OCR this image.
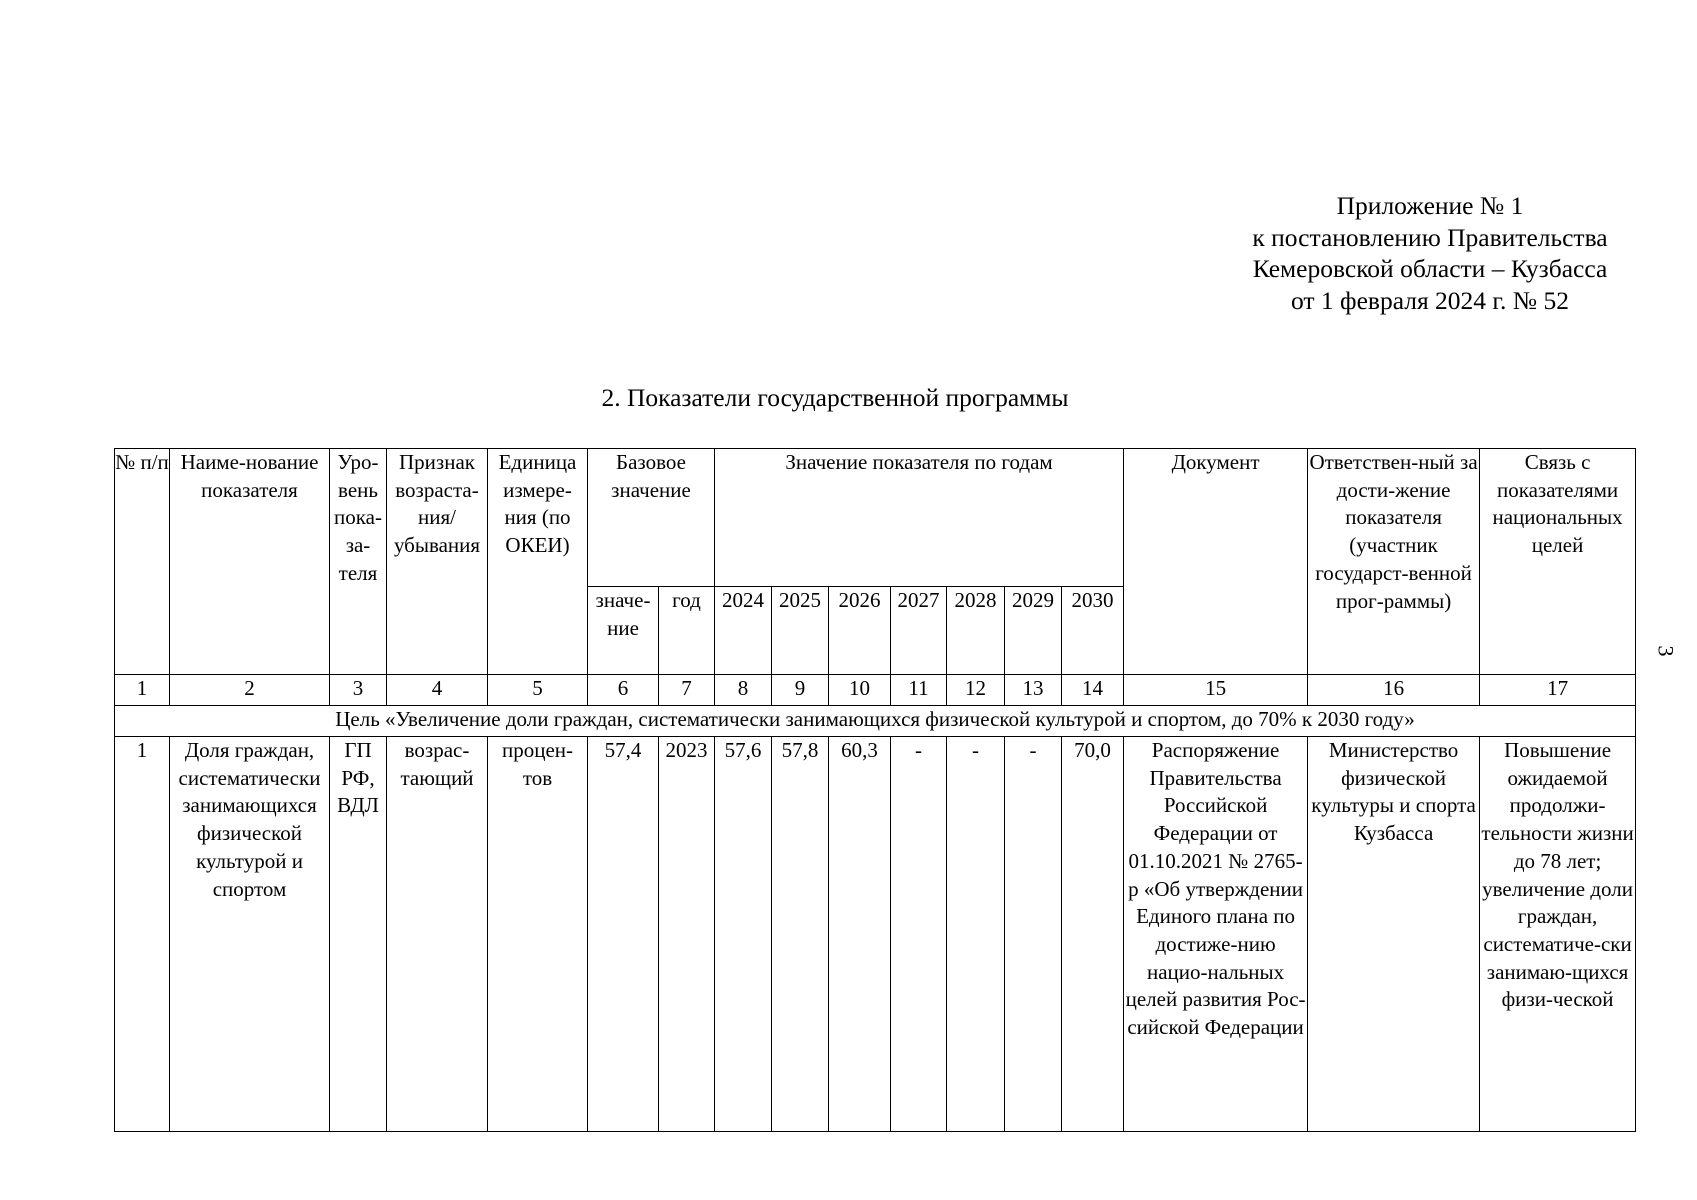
Приложение № 1
к постановлению Правительства
Кемеровской области – Кузбасса
от 1 февраля 2024 г. № 52
2. Показатели государственной программы
3
№ п/п	Наиме-нование показателя	Уро-вень пока-за-теля	Признак возраста-ния/ убывания	Единица измере-ния (по ОКЕИ)	Базовое значение		Значение показателя по годам							Документ	Ответствен-ный за дости-жение показателя (участник государст-венной прог-раммы)	Связь с показателями национальных целей
					значе-ние	год	2024	2025	2026	2027	2028	2029	2030			
1	2	3	4	5	6	7	8	9	10	11	12	13	14	15	16	17
Цель «Увеличение доли граждан, систематически занимающихся физической культурой и спортом, до 70% к 2030 году»																
1	Доля граждан, систематически занимающихся физической культурой и спортом	ГП РФ, ВДЛ	возрас-тающий	процен-тов	57,4	2023	57,6	57,8	60,3	-	-	-	70,0	Распоряжение Правительства Российской Федерации от 01.10.2021 № 2765-р «Об утверждении Единого плана по достиже-нию нацио-нальных целей развития Рос-сийской Федерации	Министерство физической культуры и спорта Кузбасса	Повышение ожидаемой продолжи-тельности жизни до 78 лет; увеличение доли граждан, систематиче-ски занимаю-щихся физи-ческой
